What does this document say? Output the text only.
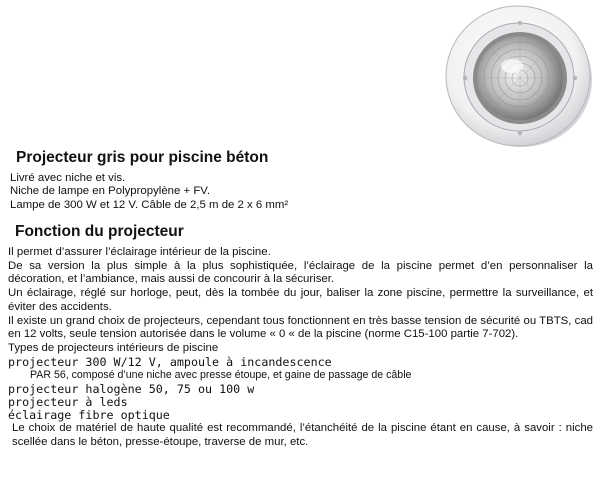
Projecteur gris pour piscine béton
Livré avec niche et vis.
Niche de lampe en Polypropylène + FV.
Lampe de 300 W et 12 V. Câble de 2,5 m de 2 x 6 mm²
Fonction du projecteur
Il permet d’assurer l’éclairage intérieur de la piscine.
De sa version la plus simple à la plus sophistiquée, l’éclairage de la piscine permet d’en personnaliser la décoration, et l’ambiance, mais aussi de concourir à la sécuriser.
Un éclairage, réglé sur horloge, peut, dès la tombée du jour, baliser la zone piscine, permettre la surveillance, et éviter des accidents.
Il existe un grand choix de projecteurs, cependant tous fonctionnent en très basse tension de sécurité ou TBTS, cad en 12 volts, seule tension autorisée dans le volume « 0 « de la piscine (norme C15-100 partie 7-702).
Types de projecteurs intérieurs de piscine
projecteur 300 W/12 V, ampoule à incandescence
PAR 56, composé d’une niche avec presse étoupe, et gaine de passage de câble
projecteur halogène 50, 75 ou 100 w
projecteur à leds
éclairage fibre optique
Le choix de matériel de haute qualité est recommandé, l’étanchéité de la piscine étant en cause, à savoir : niche scellée dans le béton, presse-étoupe, traverse de mur, etc.
